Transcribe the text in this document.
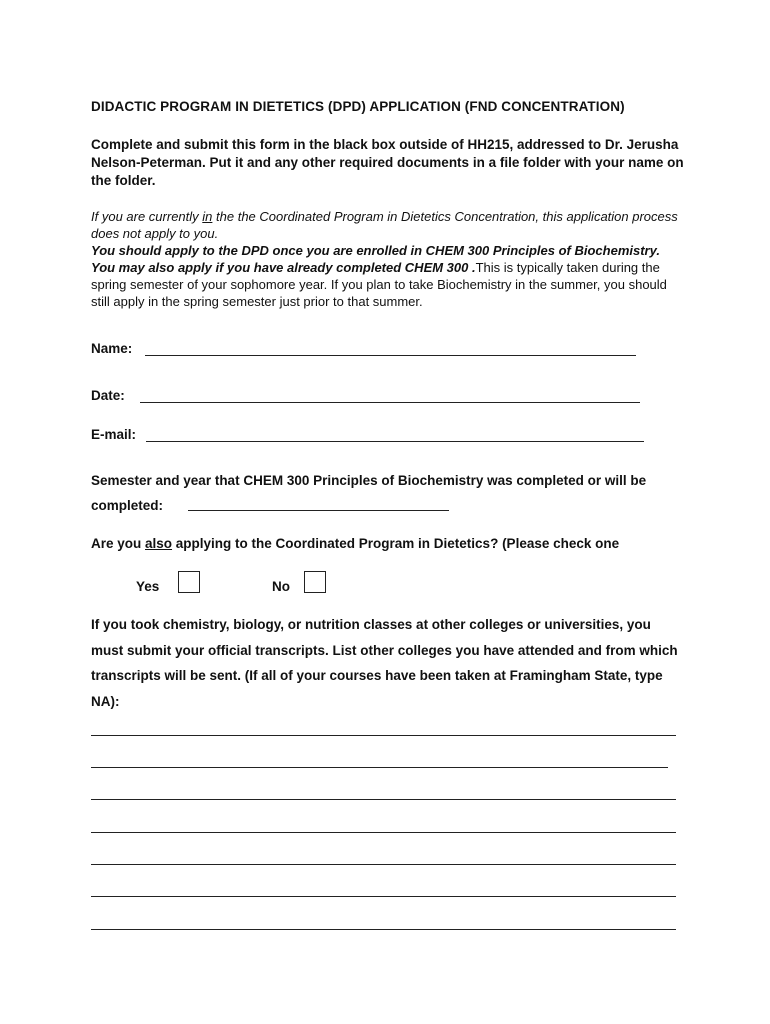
DIDACTIC PROGRAM IN DIETETICS (DPD) APPLICATION (FND CONCENTRATION)
Complete and submit this form in the black box outside of HH215, addressed to Dr. Jerusha Nelson-Peterman. Put it and any other required documents in a file folder with your name on the folder.
If you are currently in the the Coordinated Program in Dietetics Concentration, this application process does not apply to you.
You should apply to the DPD once you are enrolled in CHEM 300 Principles of Biochemistry. You may also apply if you have already completed CHEM 300 .This is typically taken during the spring semester of your sophomore year. If you plan to take Biochemistry in the summer, you should still apply in the spring semester just prior to that summer.
Name:
Date:
E-mail:
Semester and year that CHEM 300 Principles of Biochemistry was completed or will be
completed:
Are you also applying to the Coordinated Program in Dietetics? (Please check one
Yes	No
If you took chemistry, biology, or nutrition classes at other colleges or universities, you must submit your official transcripts. List other colleges you have attended and from which transcripts will be sent. (If all of your courses have been taken at Framingham State, type NA):
